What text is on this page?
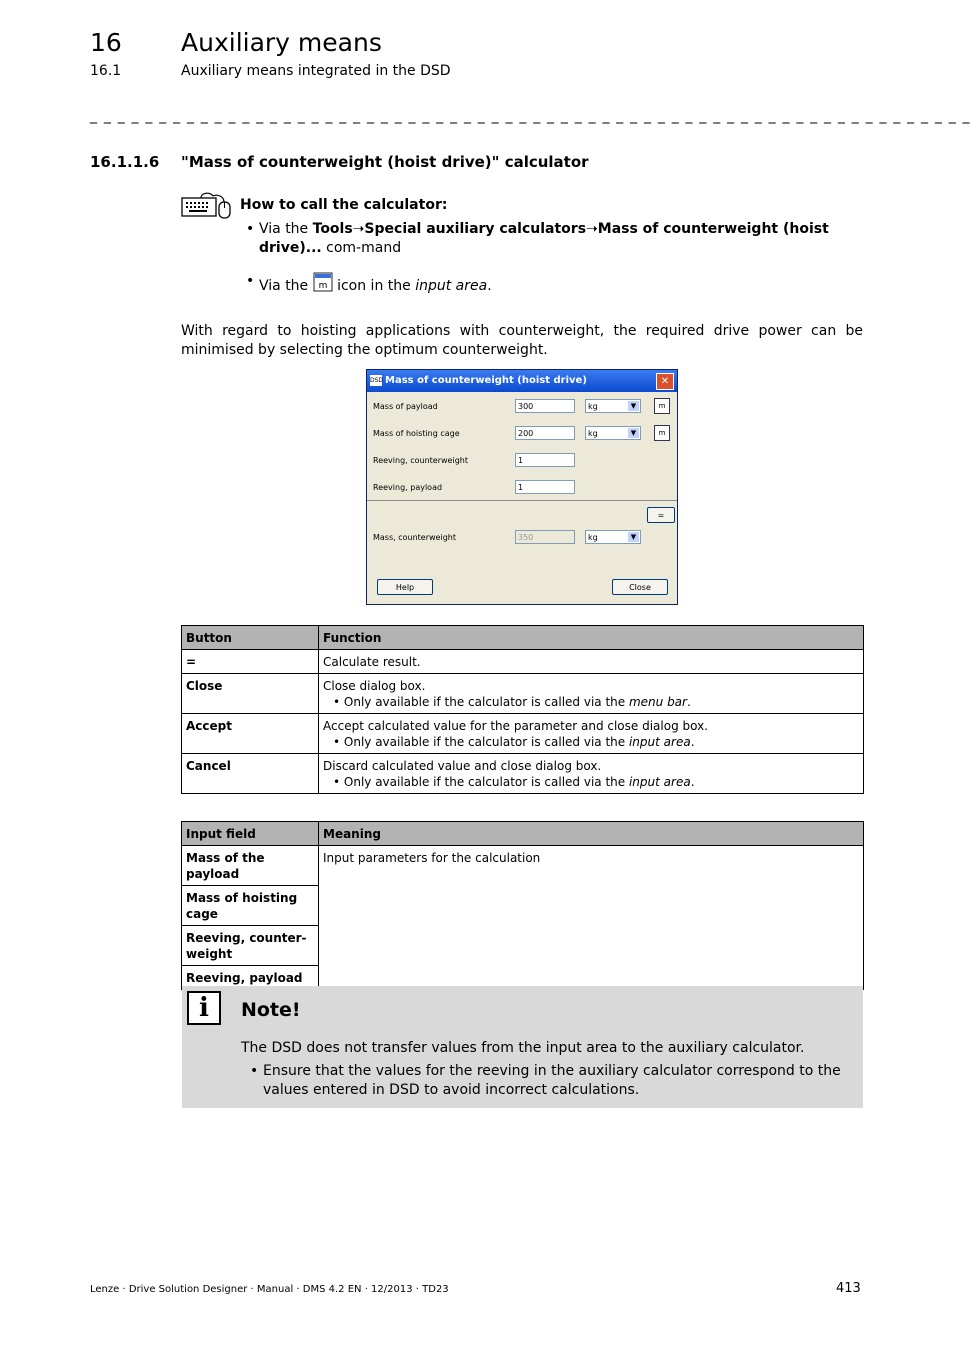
16 Auxiliary means
16.1	Auxiliary means integrated in the DSD
_ _ _ _ _ _ _ _ _ _ _ _ _ _ _ _ _ _ _ _ _ _ _ _ _ _ _ _ _ _ _ _ _ _ _ _ _ _ _ _ _ _ _ _ _ _ _ _ _ _ _ _ _ _ _ _ _ _ _ _ _ _ _ _
16.1.1.6 "Mass of counterweight (hoist drive)" calculator
How to call the calculator:
• Via the Tools➝Special auxiliary calculators➝Mass of counterweight (hoist drive)... com-mand
• Via the m icon in the input area.
With regard to hoisting applications with counterweight, the required drive power can be minimised by selecting the optimum counterweight.
DSD Mass of counterweight (hoist drive)	✕
Mass of payload	300	kg	▼	m
Mass of hoisting cage	200	kg	▼	m
Reeving, counterweight	1
Reeving, payload	1
=
Mass, counterweight	350	kg	▼
Help	Close
Button	Function
=	Calculate result.
Close	Close dialog box.
• Only available if the calculator is called via the menu bar.

Accept	Accept calculated value for the parameter and close dialog box.
• Only available if the calculator is called via the input area.

Cancel	Discard calculated value and close dialog box.
• Only available if the calculator is called via the input area.
Input field	Meaning
Mass of the payload	Input parameters for the calculation
Mass of hoisting cage	
Reeving, counter-weight	
Reeving, payload	
i	Note!
The DSD does not transfer values from the input area to the auxiliary calculator.
• Ensure that the values for the reeving in the auxiliary calculator correspond to the values entered in DSD to avoid incorrect calculations.
Lenze · Drive Solution Designer · Manual · DMS 4.2 EN · 12/2013 · TD23	413
